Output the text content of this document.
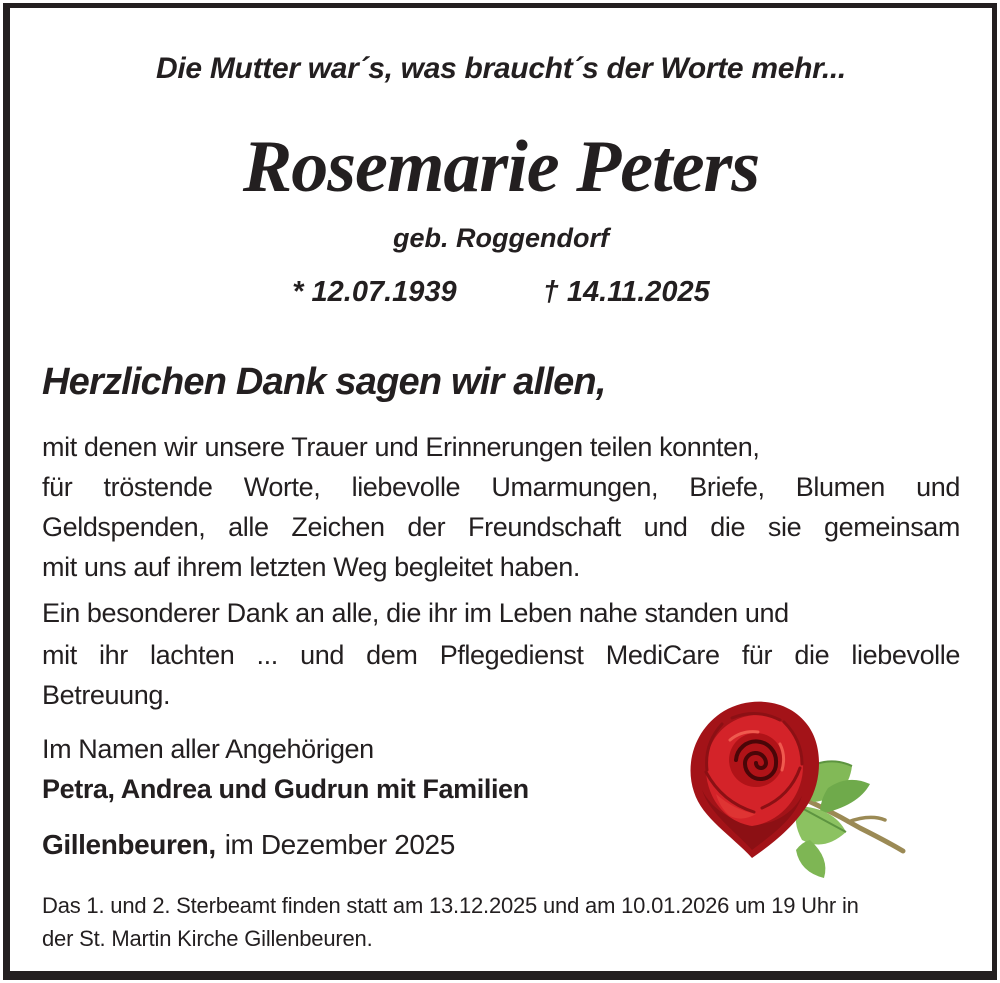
Die Mutter war´s, was braucht´s der Worte mehr...
Rosemarie Peters
geb. Roggendorf
* 12.07.1939	† 14.11.2025
Herzlichen Dank sagen wir allen,
mit denen wir unsere Trauer und Erinnerungen teilen konnten,
für tröstende Worte, liebevolle Umarmungen, Briefe, Blumen und
Geldspenden, alle Zeichen der Freundschaft und die sie gemeinsam
mit uns auf ihrem letzten Weg begleitet haben.
Ein besonderer Dank an alle, die ihr im Leben nahe standen und
mit ihr lachten ... und dem Pflegedienst MediCare für die liebevolle
Betreuung.
Im Namen aller Angehörigen
Petra, Andrea und Gudrun mit Familien
Gillenbeuren, im Dezember 2025
Das 1. und 2. Sterbeamt finden statt am 13.12.2025 und am 10.01.2026 um 19 Uhr in
der St. Martin Kirche Gillenbeuren.
